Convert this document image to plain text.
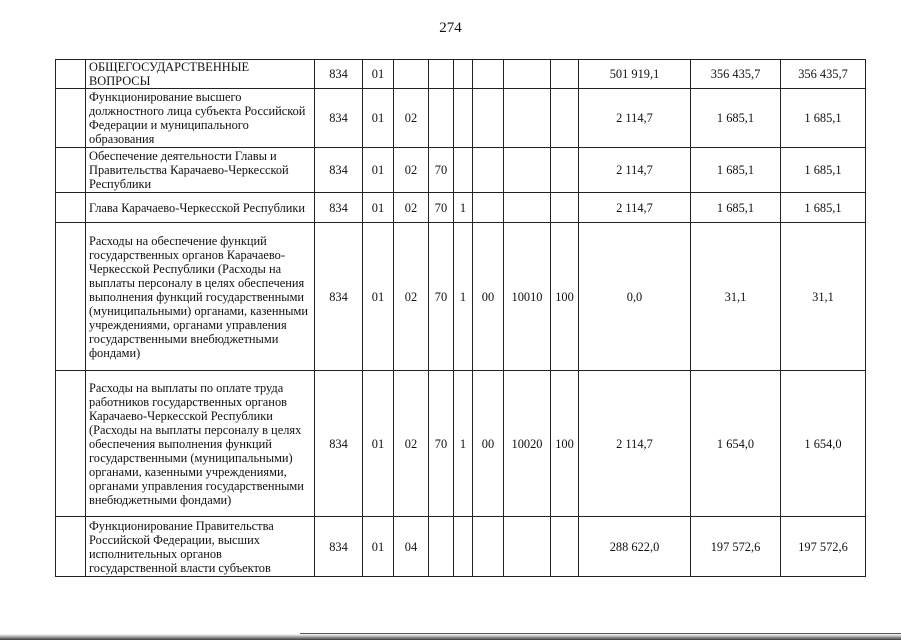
274
	ОБЩЕГОСУДАРСТВЕННЫЕ ВОПРОСЫ	834	01							501 919,1	356 435,7	356 435,7
	Функционирование высшего должностного лица субъекта Российской Федерации и муниципального образования	834	01	02						2 114,7	1 685,1	1 685,1
	Обеспечение деятельности Главы и Правительства Карачаево-Черкесской Республики	834	01	02	70					2 114,7	1 685,1	1 685,1
	Глава Карачаево-Черкесской Республики	834	01	02	70	1				2 114,7	1 685,1	1 685,1
	Расходы на обеспечение функций государственных органов Карачаево-Черкесской Республики (Расходы на выплаты персоналу в целях обеспечения выполнения функций государственными (муниципальными) органами, казенными учреждениями, органами управления государственными внебюджетными фондами)	834	01	02	70	1	00	10010	100	0,0	31,1	31,1
	Расходы на выплаты по оплате труда работников государственных органов Карачаево-Черкесской Республики (Расходы на выплаты персоналу в целях обеспечения выполнения функций государственными (муниципальными) органами, казенными учреждениями, органами управления государственными внебюджетными фондами)	834	01	02	70	1	00	10020	100	2 114,7	1 654,0	1 654,0
	Функционирование Правительства Российской Федерации, высших исполнительных органов государственной власти субъектов	834	01	04						288 622,0	197 572,6	197 572,6
